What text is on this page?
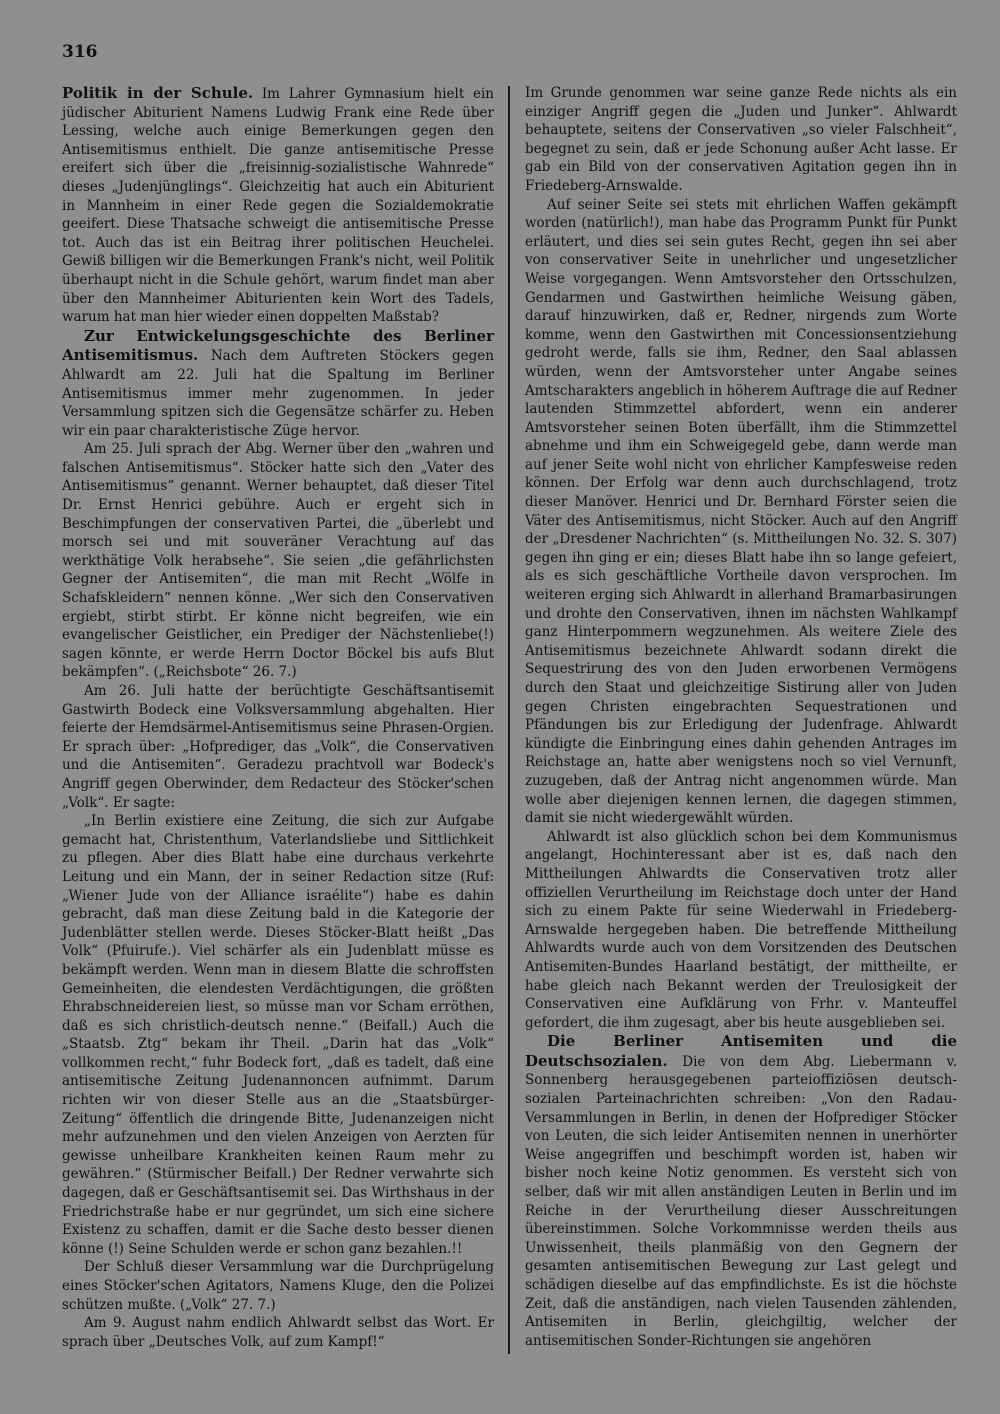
316

Politik in der Schule. Im Lahrer Gymnasium hielt ein jüdischer Abiturient Namens Ludwig Frank eine Rede über Lessing, welche auch einige Bemerkungen gegen den Antisemitismus enthielt. Die ganze antisemitische Presse ereifert sich über die „freisinnig-sozialistische Wahnrede“ dieses „Judenjünglings“. Gleichzeitig hat auch ein Abiturient in Mannheim in einer Rede gegen die Sozialdemokratie geeifert. Diese Thatsache schweigt die antisemitische Presse tot. Auch das ist ein Beitrag ihrer politischen Heuchelei. Gewiß billigen wir die Bemerkungen Frank's nicht, weil Politik überhaupt nicht in die Schule gehört, warum findet man aber über den Mannheimer Abiturienten kein Wort des Tadels, warum hat man hier wieder einen doppelten Maßstab?

Zur Entwickelungsgeschichte des Berliner Antisemitismus. Nach dem Auftreten Stöckers gegen Ahlwardt am 22. Juli hat die Spaltung im Berliner Antisemitismus immer mehr zugenommen. In jeder Versammlung spitzen sich die Gegensätze schärfer zu. Heben wir ein paar charakteristische Züge hervor.

Am 25. Juli sprach der Abg. Werner über den „wahren und falschen Antisemitismus“. Stöcker hatte sich den „Vater des Antisemitismus“ genannt. Werner behauptet, daß dieser Titel Dr. Ernst Henrici gebühre. Auch er ergeht sich in Beschimpfungen der conservativen Partei, die „überlebt und morsch sei und mit souveräner Verachtung auf das werkthätige Volk herabsehe“. Sie seien „die gefährlichsten Gegner der Antisemiten“, die man mit Recht „Wölfe in Schafskleidern“ nennen könne. „Wer sich den Conservativen ergiebt, stirbt stirbt. Er könne nicht begreifen, wie ein evangelischer Geistlicher, ein Prediger der Nächstenliebe(!) sagen könnte, er werde Herrn Doctor Böckel bis aufs Blut bekämpfen“. („Reichsbote“ 26. 7.)

Am 26. Juli hatte der berüchtigte Geschäftsantisemit Gastwirth Bodeck eine Volksversammlung abgehalten. Hier feierte der Hemdsärmel-Antisemitismus seine Phrasen-Orgien. Er sprach über: „Hofprediger, das „Volk“, die Conservativen und die Antisemiten“. Geradezu prachtvoll war Bodeck's Angriff gegen Oberwinder, dem Redacteur des Stöcker'schen „Volk“. Er sagte:

„In Berlin existiere eine Zeitung, die sich zur Aufgabe gemacht hat, Christenthum, Vaterlandsliebe und Sittlichkeit zu pflegen. Aber dies Blatt habe eine durchaus verkehrte Leitung und ein Mann, der in seiner Redaction sitze (Ruf: „Wiener Jude von der Alliance israélite“) habe es dahin gebracht, daß man diese Zeitung bald in die Kategorie der Judenblätter stellen werde. Dieses Stöcker-Blatt heißt „Das Volk“ (Pfuirufe.). Viel schärfer als ein Judenblatt müsse es bekämpft werden. Wenn man in diesem Blatte die schroffsten Gemeinheiten, die elendesten Verdächtigungen, die größten Ehrabschneidereien liest, so müsse man vor Scham erröthen, daß es sich christlich-deutsch nenne.“ (Beifall.) Auch die „Staatsb. Ztg“ bekam ihr Theil. „Darin hat das „Volk“ vollkommen recht,“ fuhr Bodeck fort, „daß es tadelt, daß eine antisemitische Zeitung Judenannoncen aufnimmt. Darum richten wir von dieser Stelle aus an die „Staatsbürger-Zeitung“ öffentlich die dringende Bitte, Judenanzeigen nicht mehr aufzunehmen und den vielen Anzeigen von Aerzten für gewisse unheilbare Krankheiten keinen Raum mehr zu gewähren.“ (Stürmischer Beifall.) Der Redner verwahrte sich dagegen, daß er Geschäftsantisemit sei. Das Wirthshaus in der Friedrichstraße habe er nur gegründet, um sich eine sichere Existenz zu schaffen, damit er die Sache desto besser dienen könne (!) Seine Schulden werde er schon ganz bezahlen.!!

Der Schluß dieser Versammlung war die Durchprügelung eines Stöcker'schen Agitators, Namens Kluge, den die Polizei schützen mußte. („Volk“ 27. 7.)

Am 9. August nahm endlich Ahlwardt selbst das Wort. Er sprach über „Deutsches Volk, auf zum Kampf!“

Im Grunde genommen war seine ganze Rede nichts als ein einziger Angriff gegen die „Juden und Junker“. Ahlwardt behauptete, seitens der Conservativen „so vieler Falschheit“, begegnet zu sein, daß er jede Schonung außer Acht lasse. Er gab ein Bild von der conservativen Agitation gegen ihn in Friedeberg-Arnswalde.

Auf seiner Seite sei stets mit ehrlichen Waffen gekämpft worden (natürlich!), man habe das Programm Punkt für Punkt erläutert, und dies sei sein gutes Recht, gegen ihn sei aber von conservativer Seite in unehrlicher und ungesetzlicher Weise vorgegangen. Wenn Amtsvorsteher den Ortsschulzen, Gendarmen und Gastwirthen heimliche Weisung gäben, darauf hinzuwirken, daß er, Redner, nirgends zum Worte komme, wenn den Gastwirthen mit Concessionsentziehung gedroht werde, falls sie ihm, Redner, den Saal ablassen würden, wenn der Amtsvorsteher unter Angabe seines Amtscharakters angeblich in höherem Auftrage die auf Redner lautenden Stimmzettel abfordert, wenn ein anderer Amtsvorsteher seinen Boten überfällt, ihm die Stimmzettel abnehme und ihm ein Schweigegeld gebe, dann werde man auf jener Seite wohl nicht von ehrlicher Kampfesweise reden können. Der Erfolg war denn auch durchschlagend, trotz dieser Manöver. Henrici und Dr. Bernhard Förster seien die Väter des Antisemitismus, nicht Stöcker. Auch auf den Angriff der „Dresdener Nachrichten“ (s. Mittheilungen No. 32. S. 307) gegen ihn ging er ein; dieses Blatt habe ihn so lange gefeiert, als es sich geschäftliche Vortheile davon versprochen. Im weiteren erging sich Ahlwardt in allerhand Bramarbasirungen und drohte den Conservativen, ihnen im nächsten Wahlkampf ganz Hinterpommern wegzunehmen. Als weitere Ziele des Antisemitismus bezeichnete Ahlwardt sodann direkt die Sequestrirung des von den Juden erworbenen Vermögens durch den Staat und gleichzeitige Sistirung aller von Juden gegen Christen eingebrachten Sequestrationen und Pfändungen bis zur Erledigung der Judenfrage. Ahlwardt kündigte die Einbringung eines dahin gehenden Antrages im Reichstage an, hatte aber wenigstens noch so viel Vernunft, zuzugeben, daß der Antrag nicht angenommen würde. Man wolle aber diejenigen kennen lernen, die dagegen stimmen, damit sie nicht wiedergewählt würden.

Ahlwardt ist also glücklich schon bei dem Kommunismus angelangt, Hochinteressant aber ist es, daß nach den Mittheilungen Ahlwardts die Conservativen trotz aller offiziellen Verurtheilung im Reichstage doch unter der Hand sich zu einem Pakte für seine Wiederwahl in Friedeberg-Arnswalde hergegeben haben. Die betreffende Mittheilung Ahlwardts wurde auch von dem Vorsitzenden des Deutschen Antisemiten-Bundes Haarland bestätigt, der mittheilte, er habe gleich nach Bekannt werden der Treulosigkeit der Conservativen eine Aufklärung von Frhr. v. Manteuffel gefordert, die ihm zugesagt, aber bis heute ausgeblieben sei.

Die Berliner Antisemiten und die Deutschsozialen. Die von dem Abg. Liebermann v. Sonnenberg herausgegebenen parteioffiziösen deutsch-sozialen Parteinachrichten schreiben: „Von den Radau-Versammlungen in Berlin, in denen der Hofprediger Stöcker von Leuten, die sich leider Antisemiten nennen in unerhörter Weise angegriffen und beschimpft worden ist, haben wir bisher noch keine Notiz genommen. Es versteht sich von selber, daß wir mit allen anständigen Leuten in Berlin und im Reiche in der Verurtheilung dieser Ausschreitungen übereinstimmen. Solche Vorkommnisse werden theils aus Unwissenheit, theils planmäßig von den Gegnern der gesamten antisemitischen Bewegung zur Last gelegt und schädigen dieselbe auf das empfindlichste. Es ist die höchste Zeit, daß die anständigen, nach vielen Tausenden zählenden, Antisemiten in Berlin, gleichgiltig, welcher der antisemitischen Sonder-Richtungen sie angehören
